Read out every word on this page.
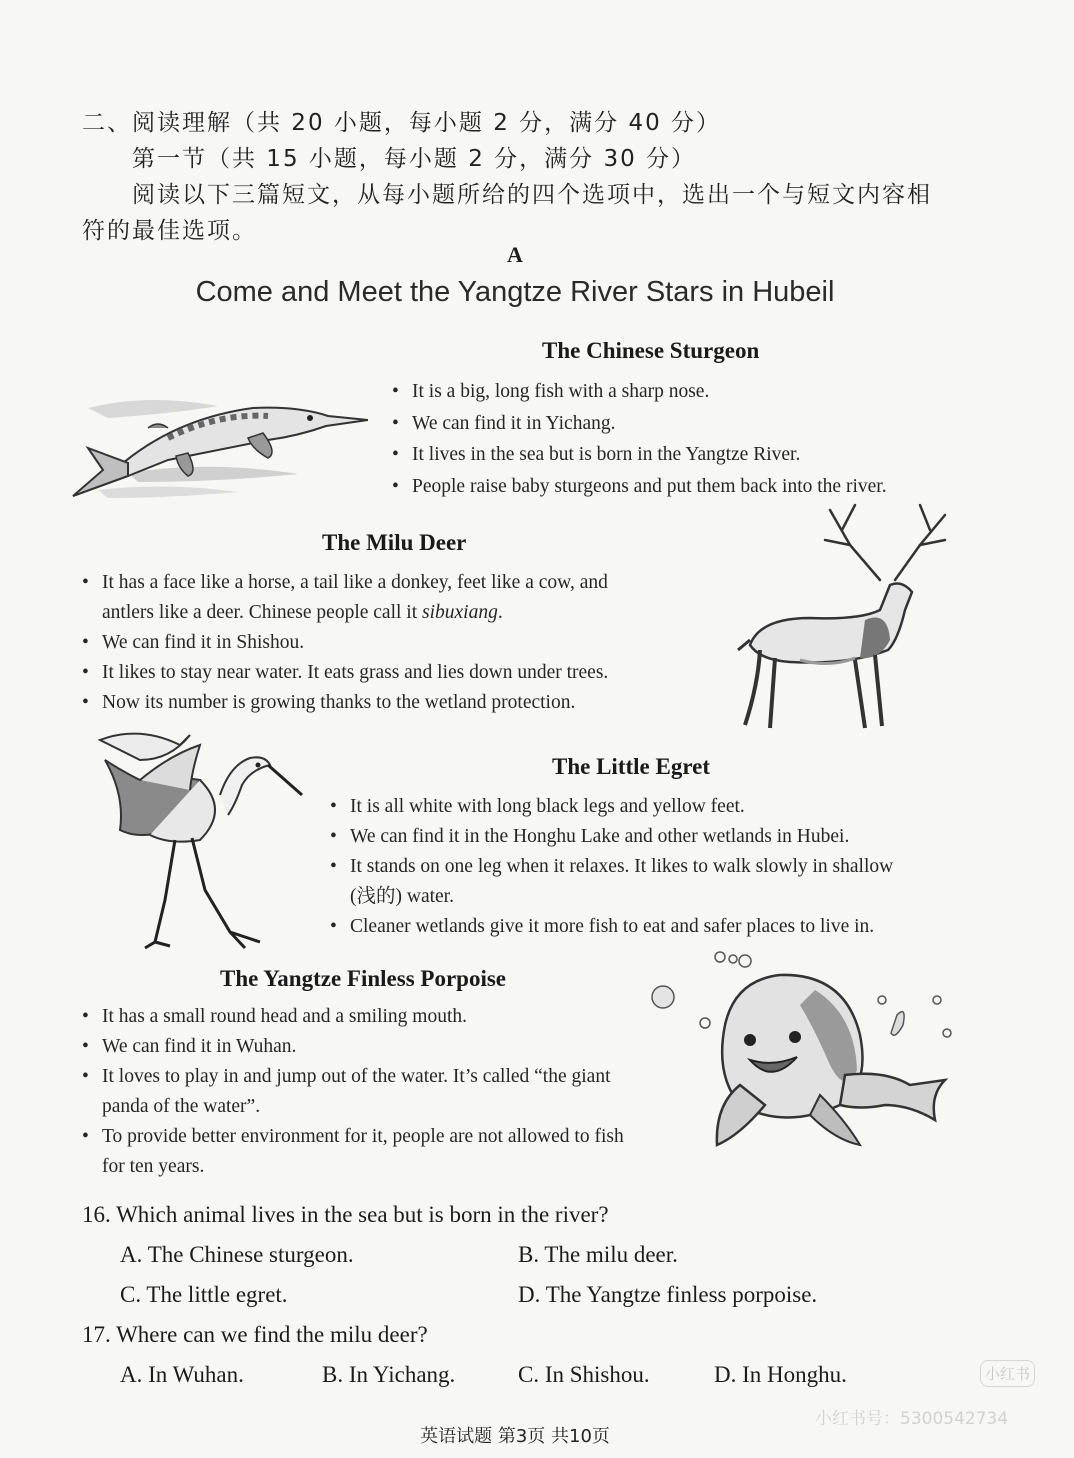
二、阅读理解（共 20 小题，每小题 2 分，满分 40 分）
第一节（共 15 小题，每小题 2 分，满分 30 分）
阅读以下三篇短文，从每小题所给的四个选项中，选出一个与短文内容相
符的最佳选项。
A
Come and Meet the Yangtze River Stars in Hubeil
The Chinese Sturgeon
• It is a big, long fish with a sharp nose.
• We can find it in Yichang.
• It lives in the sea but is born in the Yangtze River.
• People raise baby sturgeons and put them back into the river.
The Milu Deer
• It has a face like a horse, a tail like a donkey, feet like a cow, and
antlers like a deer. Chinese people call it sibuxiang.
• We can find it in Shishou.
• It likes to stay near water. It eats grass and lies down under trees.
• Now its number is growing thanks to the wetland protection.
The Little Egret
• It is all white with long black legs and yellow feet.
• We can find it in the Honghu Lake and other wetlands in Hubei.
• It stands on one leg when it relaxes. It likes to walk slowly in shallow
(浅的) water.
• Cleaner wetlands give it more fish to eat and safer places to live in.
The Yangtze Finless Porpoise
• It has a small round head and a smiling mouth.
• We can find it in Wuhan.
• It loves to play in and jump out of the water. It’s called “the giant
panda of the water”.
• To provide better environment for it, people are not allowed to fish
for ten years.
16. Which animal lives in the sea but is born in the river?
A. The Chinese sturgeon.	B. The milu deer.
C. The little egret.	D. The Yangtze finless porpoise.
17. Where can we find the milu deer?
A. In Wuhan.	B. In Yichang.	C. In Shishou.	D. In Honghu.	小红书
小红书号：5300542734
英语试题 第3页 共10页
